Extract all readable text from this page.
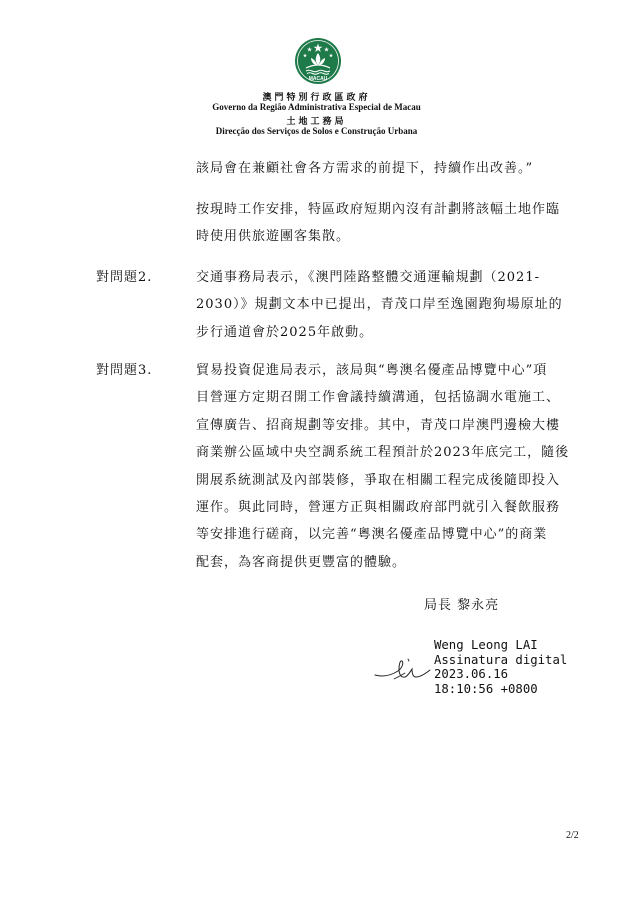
MACAU
澳門特別行政區政府
Governo da Região Administrativa Especial de Macau
土地工務局
Direcção dos Serviços de Solos e Construção Urbana

該局會在兼顧社會各方需求的前提下，持續作出改善。”

按現時工作安排，特區政府短期內沒有計劃將該幅土地作臨
時使用供旅遊團客集散。

對問題2.	交通事務局表示，《澳門陸路整體交通運輸規劃（2021-
2030）》規劃文本中已提出，青茂口岸至逸園跑狗場原址的
步行通道會於2025年啟動。

對問題3.	貿易投資促進局表示，該局與“粵澳名優產品博覽中心”項
目營運方定期召開工作會議持續溝通，包括協調水電施工、
宣傳廣告、招商規劃等安排。其中，青茂口岸澳門邊檢大樓
商業辦公區域中央空調系統工程預計於2023年底完工，隨後
開展系統測試及內部裝修，爭取在相關工程完成後隨即投入
運作。與此同時，營運方正與相關政府部門就引入餐飲服務
等安排進行磋商，以完善“粵澳名優產品博覽中心”的商業
配套，為客商提供更豐富的體驗。

局長 黎永亮
Weng Leong LAI
Assinatura digital
2023.06.16
18:10:56 +0800
2/2
